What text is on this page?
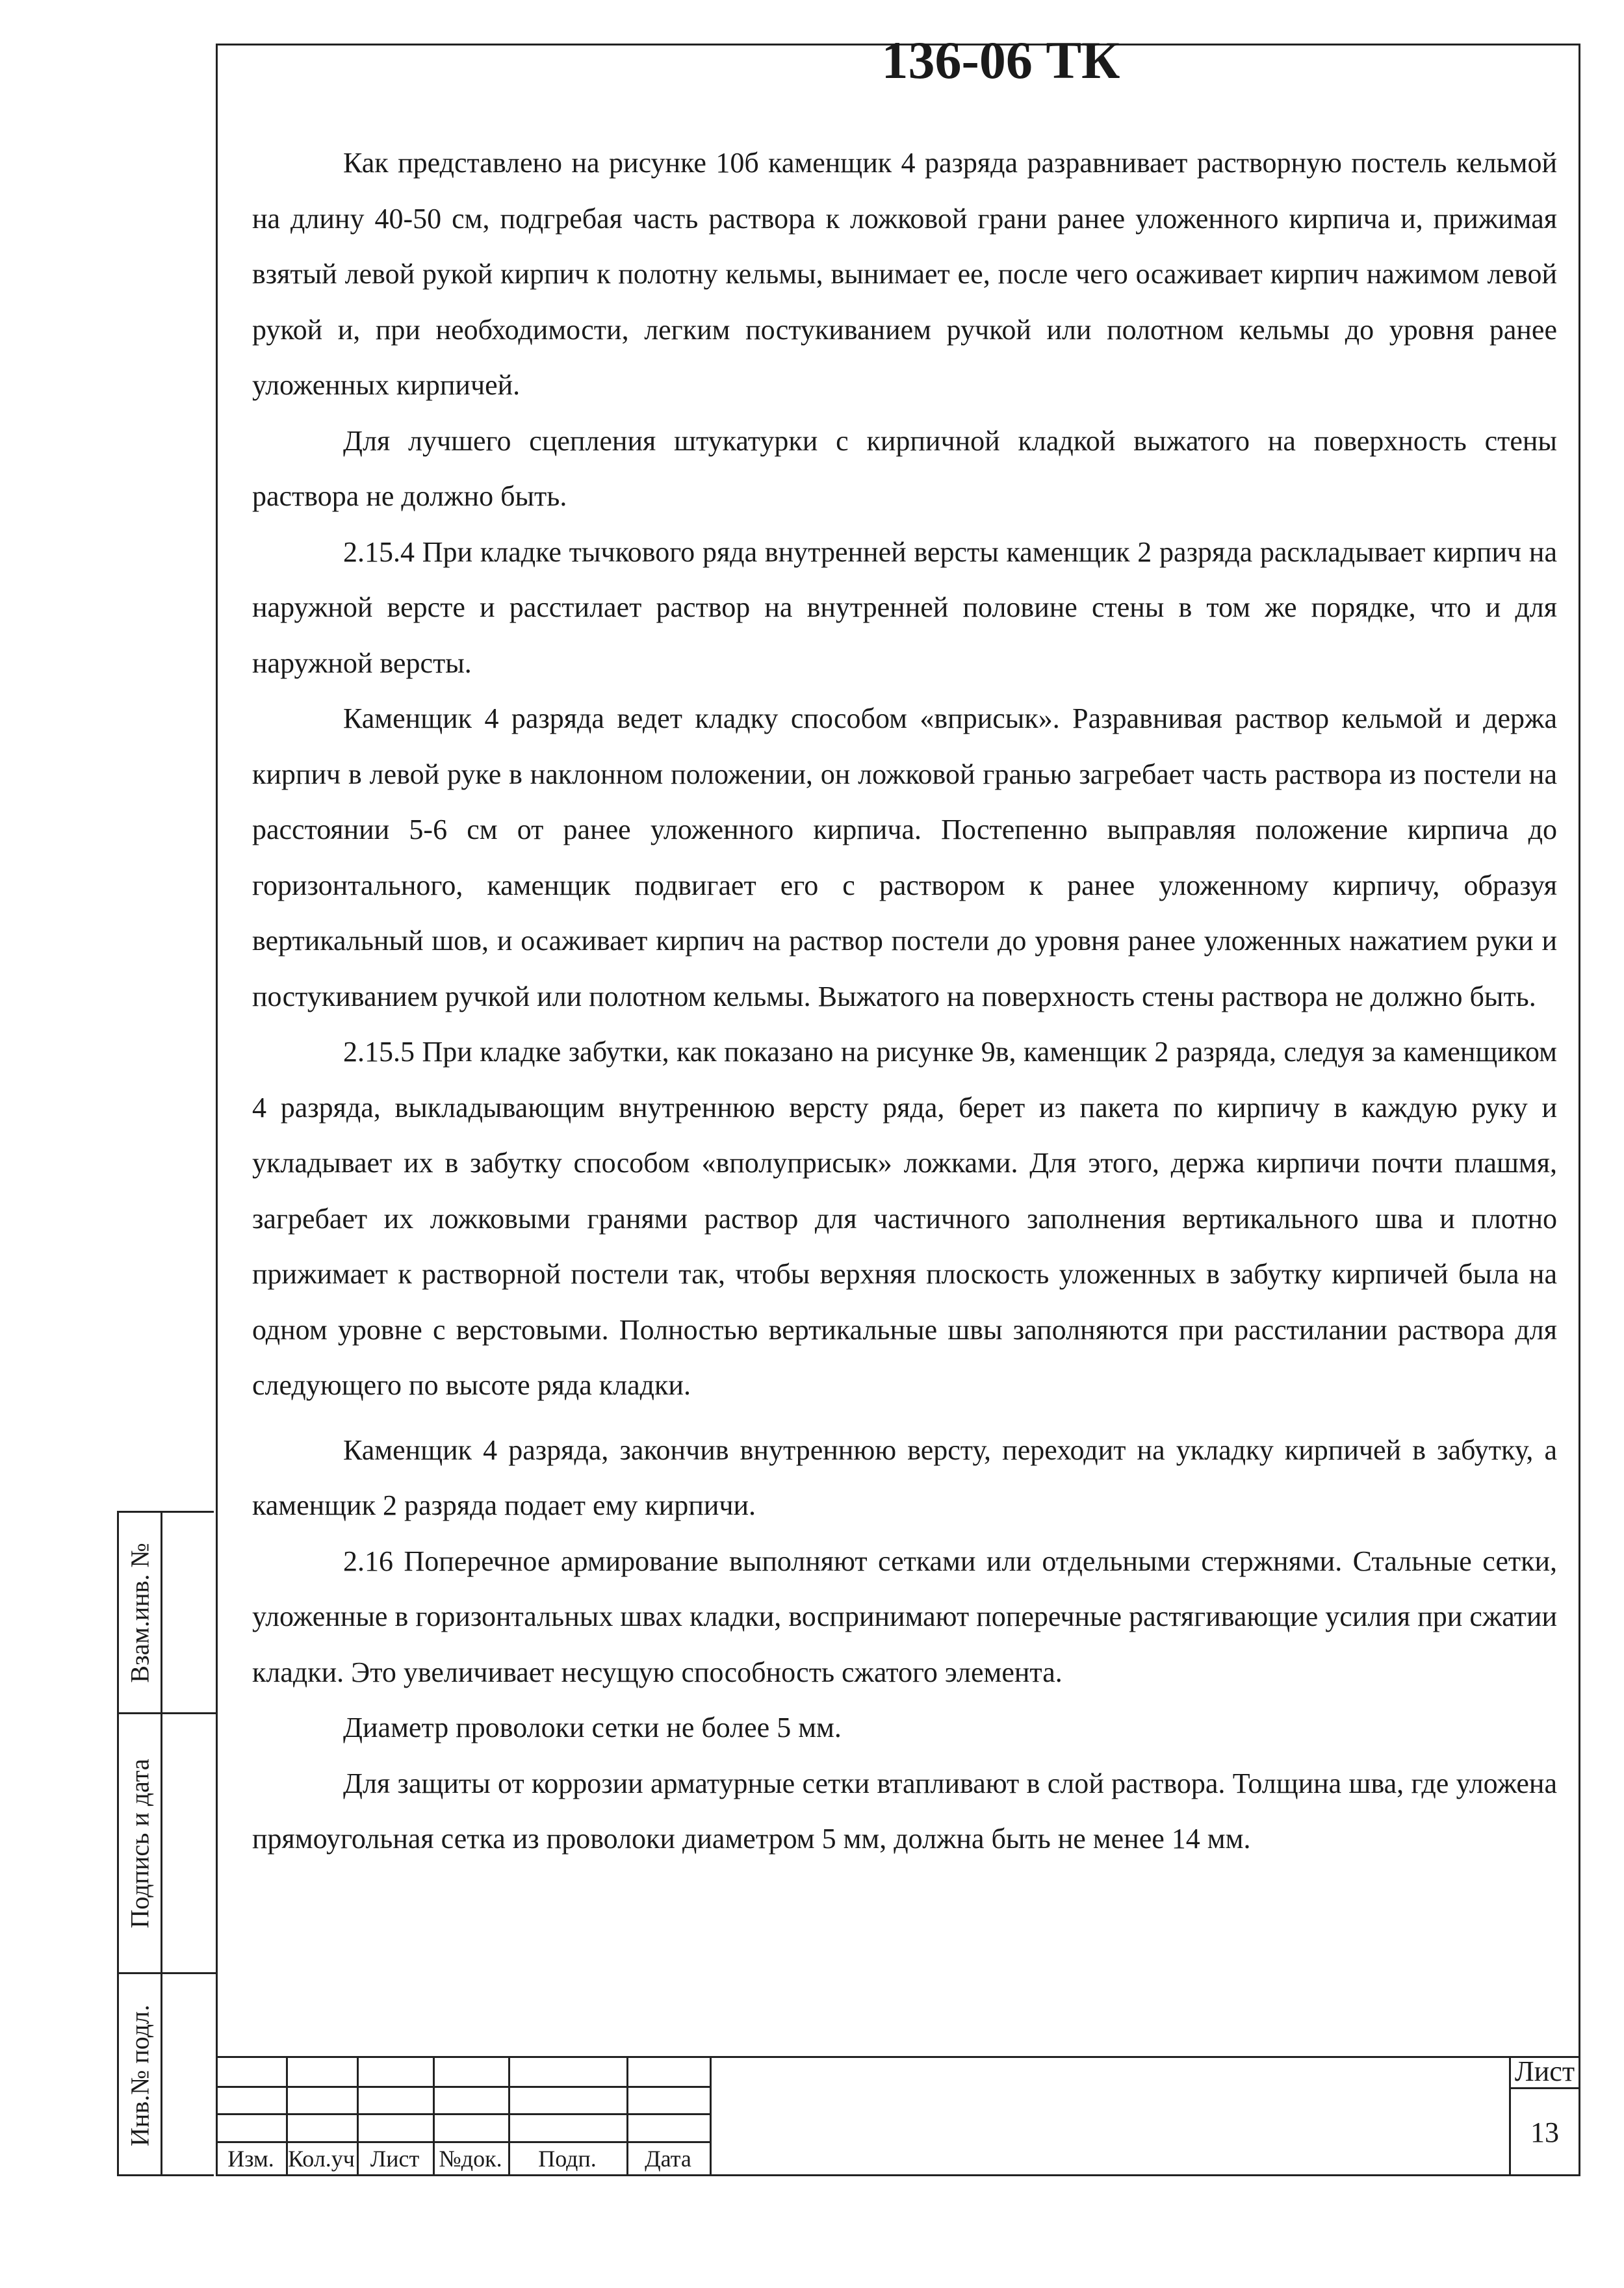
Как представлено на рисунке 10б каменщик 4 разряда разравнивает растворную постель кельмой на длину 40-50 см, подгребая часть раствора к ложковой грани ранее уложенного кирпича и, прижимая взятый левой рукой кирпич к полотну кельмы, вынимает ее, после чего осаживает кирпич нажимом левой рукой и, при необходимости, легким постукиванием ручкой или полотном кельмы до уровня ранее уложенных кирпичей.

Для лучшего сцепления штукатурки с кирпичной кладкой выжатого на поверхность стены раствора не должно быть.

2.15.4 При кладке тычкового ряда внутренней версты каменщик 2 разряда раскладывает кирпич на наружной версте и расстилает раствор на внутренней половине стены в том же порядке, что и для наружной версты.

Каменщик 4 разряда ведет кладку способом «вприсык». Разравнивая раствор кельмой и держа кирпич в левой руке в наклонном положении, он ложковой гранью загребает часть раствора из постели на расстоянии 5-6 см от ранее уложенного кирпича. Постепенно выправляя положение кирпича до горизонтального, каменщик подвигает его с раствором к ранее уложенному кирпичу, образуя вертикальный шов, и осаживает кирпич на раствор постели до уровня ранее уложенных нажатием руки и постукиванием ручкой или полотном кельмы. Выжатого на поверхность стены раствора не должно быть.

2.15.5 При кладке забутки, как показано на рисунке 9в, каменщик 2 разряда, следуя за каменщиком 4 разряда, выкладывающим внутреннюю версту ряда, берет из пакета по кирпичу в каждую руку и укладывает их в забутку способом «вполуприсык» ложками. Для этого, держа кирпичи почти плашмя, загребает их ложковыми гранями раствор для частичного заполнения вертикального шва и плотно прижимает к растворной постели так, чтобы верхняя плоскость уложенных в забутку кирпичей была на одном уровне с верстовыми. Полностью вертикальные швы заполняются при расстилании раствора для следующего по высоте ряда кладки.

Каменщик 4 разряда, закончив внутреннюю версту, переходит на укладку кирпичей в забутку, а каменщик 2 разряда подает ему кирпичи.

2.16 Поперечное армирование выполняют сетками или отдельными стержнями. Стальные сетки, уложенные в горизонтальных швах кладки, воспринимают поперечные растягивающие усилия при сжатии кладки. Это увеличивает несущую способность сжатого элемента.

Диаметр проволоки сетки не более 5 мм.

Для защиты от коррозии арматурные сетки втапливают в слой раствора. Толщина шва, где уложена прямоугольная сетка из проволоки диаметром 5 мм, должна быть не менее 14 мм.

Взам.инв. №
Подпись и дата
Инв.№ подл.
Изм. Кол.уч Лист №док.	Подп.	Дата
136-06 ТК
Лист
13
